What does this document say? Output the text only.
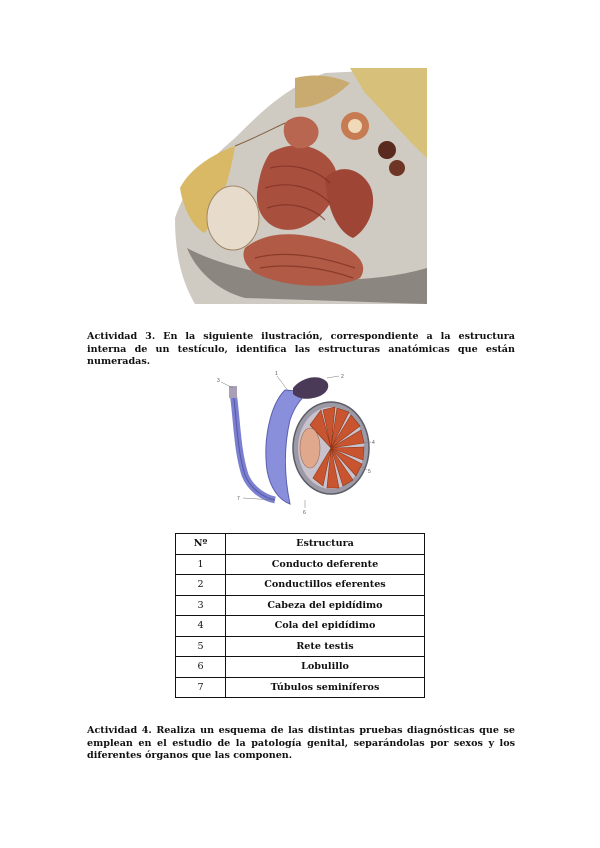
Actividad 3. En la siguiente ilustración, correspondiente a la estructura interna de un testículo, identifica las estructuras anatómicas que están numeradas.
1	2
3
4
5
6
7
Nº	Estructura
1	Conducto deferente
2	Conductillos eferentes
3	Cabeza del epidídimo
4	Cola del epidídimo
5	Rete testis
6	Lobulillo
7	Túbulos seminíferos
Actividad 4. Realiza un esquema de las distintas pruebas diagnósticas que se emplean en el estudio de la patología genital, separándolas por sexos y los diferentes órganos que las componen.
